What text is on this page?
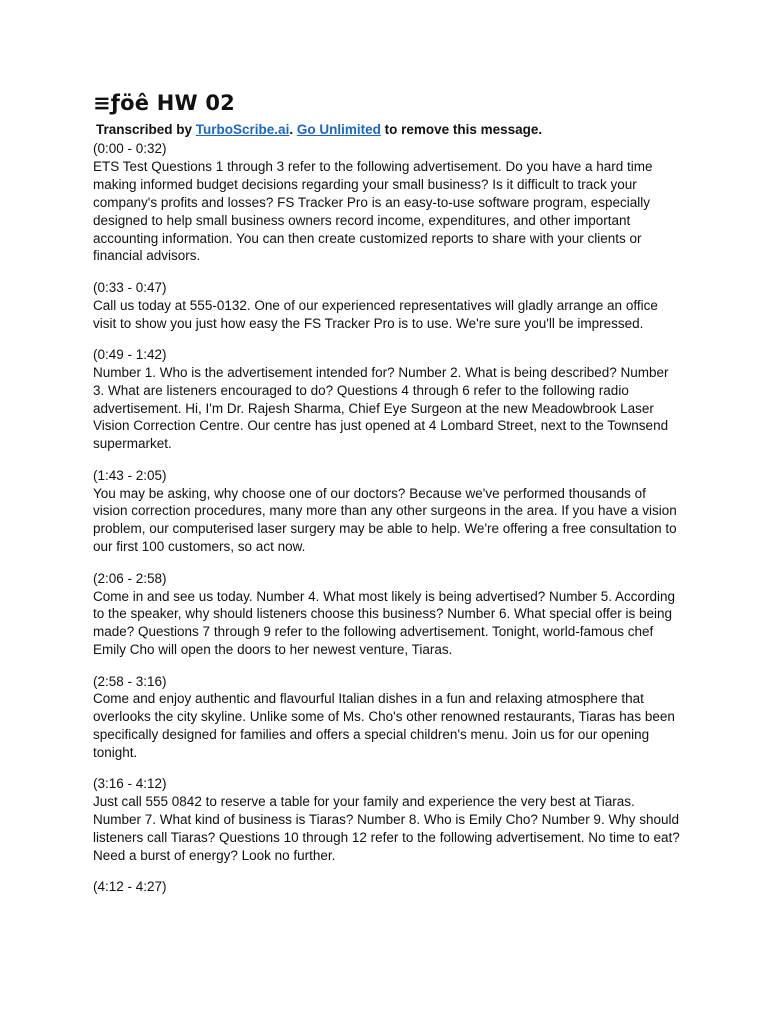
≡ƒöê HW 02
Transcribed by TurboScribe.ai. Go Unlimited to remove this message.
(0:00 - 0:32)

ETS Test Questions 1 through 3 refer to the following advertisement. Do you have a hard time making informed budget decisions regarding your small business? Is it difficult to track your company's profits and losses? FS Tracker Pro is an easy-to-use software program, especially designed to help small business owners record income, expenditures, and other important accounting information. You can then create customized reports to share with your clients or financial advisors.

(0:33 - 0:47)

Call us today at 555-0132. One of our experienced representatives will gladly arrange an office visit to show you just how easy the FS Tracker Pro is to use. We're sure you'll be impressed.

(0:49 - 1:42)

Number 1. Who is the advertisement intended for? Number 2. What is being described? Number 3. What are listeners encouraged to do? Questions 4 through 6 refer to the following radio advertisement. Hi, I'm Dr. Rajesh Sharma, Chief Eye Surgeon at the new Meadowbrook Laser Vision Correction Centre. Our centre has just opened at 4 Lombard Street, next to the Townsend supermarket.

(1:43 - 2:05)

You may be asking, why choose one of our doctors? Because we've performed thousands of vision correction procedures, many more than any other surgeons in the area. If you have a vision problem, our computerised laser surgery may be able to help. We're offering a free consultation to our first 100 customers, so act now.

(2:06 - 2:58)

Come in and see us today. Number 4. What most likely is being advertised? Number 5. According to the speaker, why should listeners choose this business? Number 6. What special offer is being made? Questions 7 through 9 refer to the following advertisement. Tonight, world-famous chef Emily Cho will open the doors to her newest venture, Tiaras.

(2:58 - 3:16)

Come and enjoy authentic and flavourful Italian dishes in a fun and relaxing atmosphere that overlooks the city skyline. Unlike some of Ms. Cho's other renowned restaurants, Tiaras has been specifically designed for families and offers a special children's menu. Join us for our opening tonight.

(3:16 - 4:12)

Just call 555 0842 to reserve a table for your family and experience the very best at Tiaras. Number 7. What kind of business is Tiaras? Number 8. Who is Emily Cho? Number 9. Why should listeners call Tiaras? Questions 10 through 12 refer to the following advertisement. No time to eat? Need a burst of energy? Look no further.

(4:12 - 4:27)
